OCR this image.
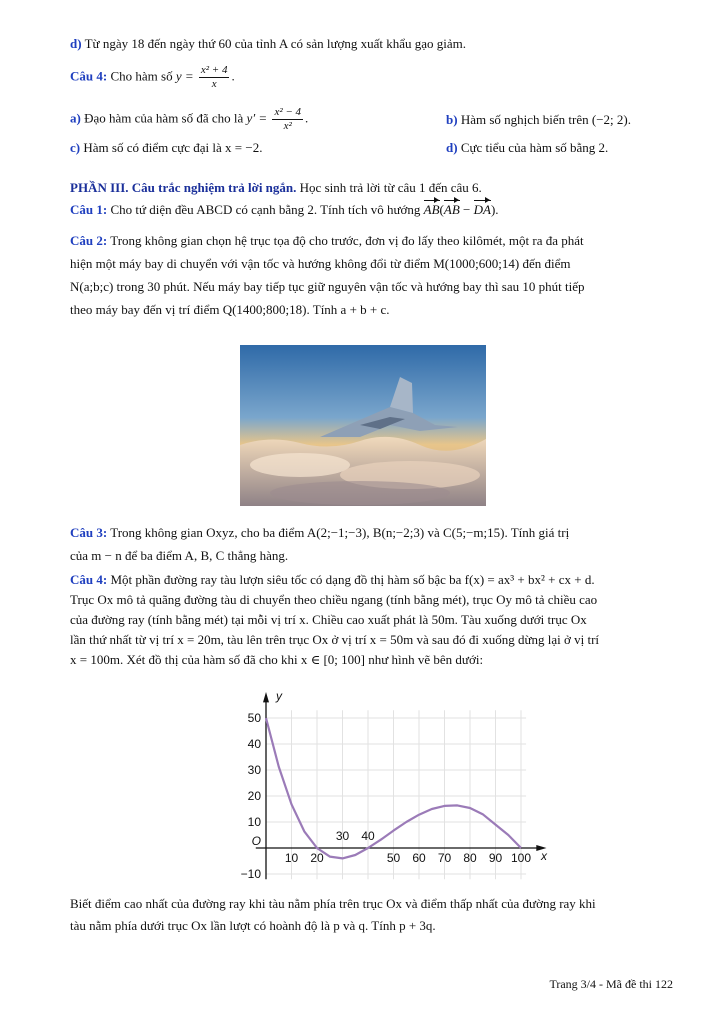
d) Từ ngày 18 đến ngày thứ 60 của tỉnh A có sản lượng xuất khẩu gạo giảm.
Câu 4: Cho hàm số $y = \frac{\text{x² + 4}}{x}$ .
a) Đạo hàm của hàm số đã cho là $y' = \frac{\text{x² − 4}}{\text{x²}}$ .	b) Hàm số nghịch biến trên (−2; 2).
c) Hàm số có điểm cực đại là x = −2.	d) Cực tiểu của hàm số bằng 2.
PHẦN III. Câu trắc nghiệm trả lời ngắn. Học sinh trả lời từ câu 1 đến câu 6.
Câu 1: Cho tứ diện đều ABCD có cạnh bằng 2. Tính tích vô hướng AB(AB − DA).
Câu 2: Trong không gian chọn hệ trục tọa độ cho trước, đơn vị đo lấy theo kilômét, một ra đa phát
hiện một máy bay di chuyển với vận tốc và hướng không đổi từ điểm M(1000;600;14) đến điểm
N(a;b;c) trong 30 phút. Nếu máy bay tiếp tục giữ nguyên vận tốc và hướng bay thì sau 10 phút tiếp
theo máy bay đến vị trí điểm Q(1400;800;18). Tính a + b + c.
Câu 3: Trong không gian Oxyz, cho ba điểm A(2;−1;−3), B(n;−2;3) và C(5;−m;15). Tính giá trị
của m − n để ba điểm A, B, C thẳng hàng.
Câu 4: Một phần đường ray tàu lượn siêu tốc có dạng đồ thị hàm số bậc ba f(x) = ax³ + bx² + cx + d.
Trục Ox mô tả quãng đường tàu di chuyển theo chiều ngang (tính bằng mét), trục Oy mô tả chiều cao
của đường ray (tính bằng mét) tại mỗi vị trí x. Chiều cao xuất phát là 50m. Tàu xuống dưới trục Ox
lần thứ nhất từ vị trí x = 20m, tàu lên trên trục Ox ở vị trí x = 50m và sau đó đi xuống dừng lại ở vị trí
x = 100m. Xét đồ thị của hàm số đã cho khi x ∈ [0; 100] như hình vẽ bên dưới:
10 20	50 60 70 80 90 100
50
40
30
20
10
−10
O
x
y
30 40
Biết điểm cao nhất của đường ray khi tàu nằm phía trên trục Ox và điểm thấp nhất của đường ray khi
tàu nằm phía dưới trục Ox lần lượt có hoành độ là p và q. Tính p + 3q.
Trang 3/4 - Mã đề thi 122
